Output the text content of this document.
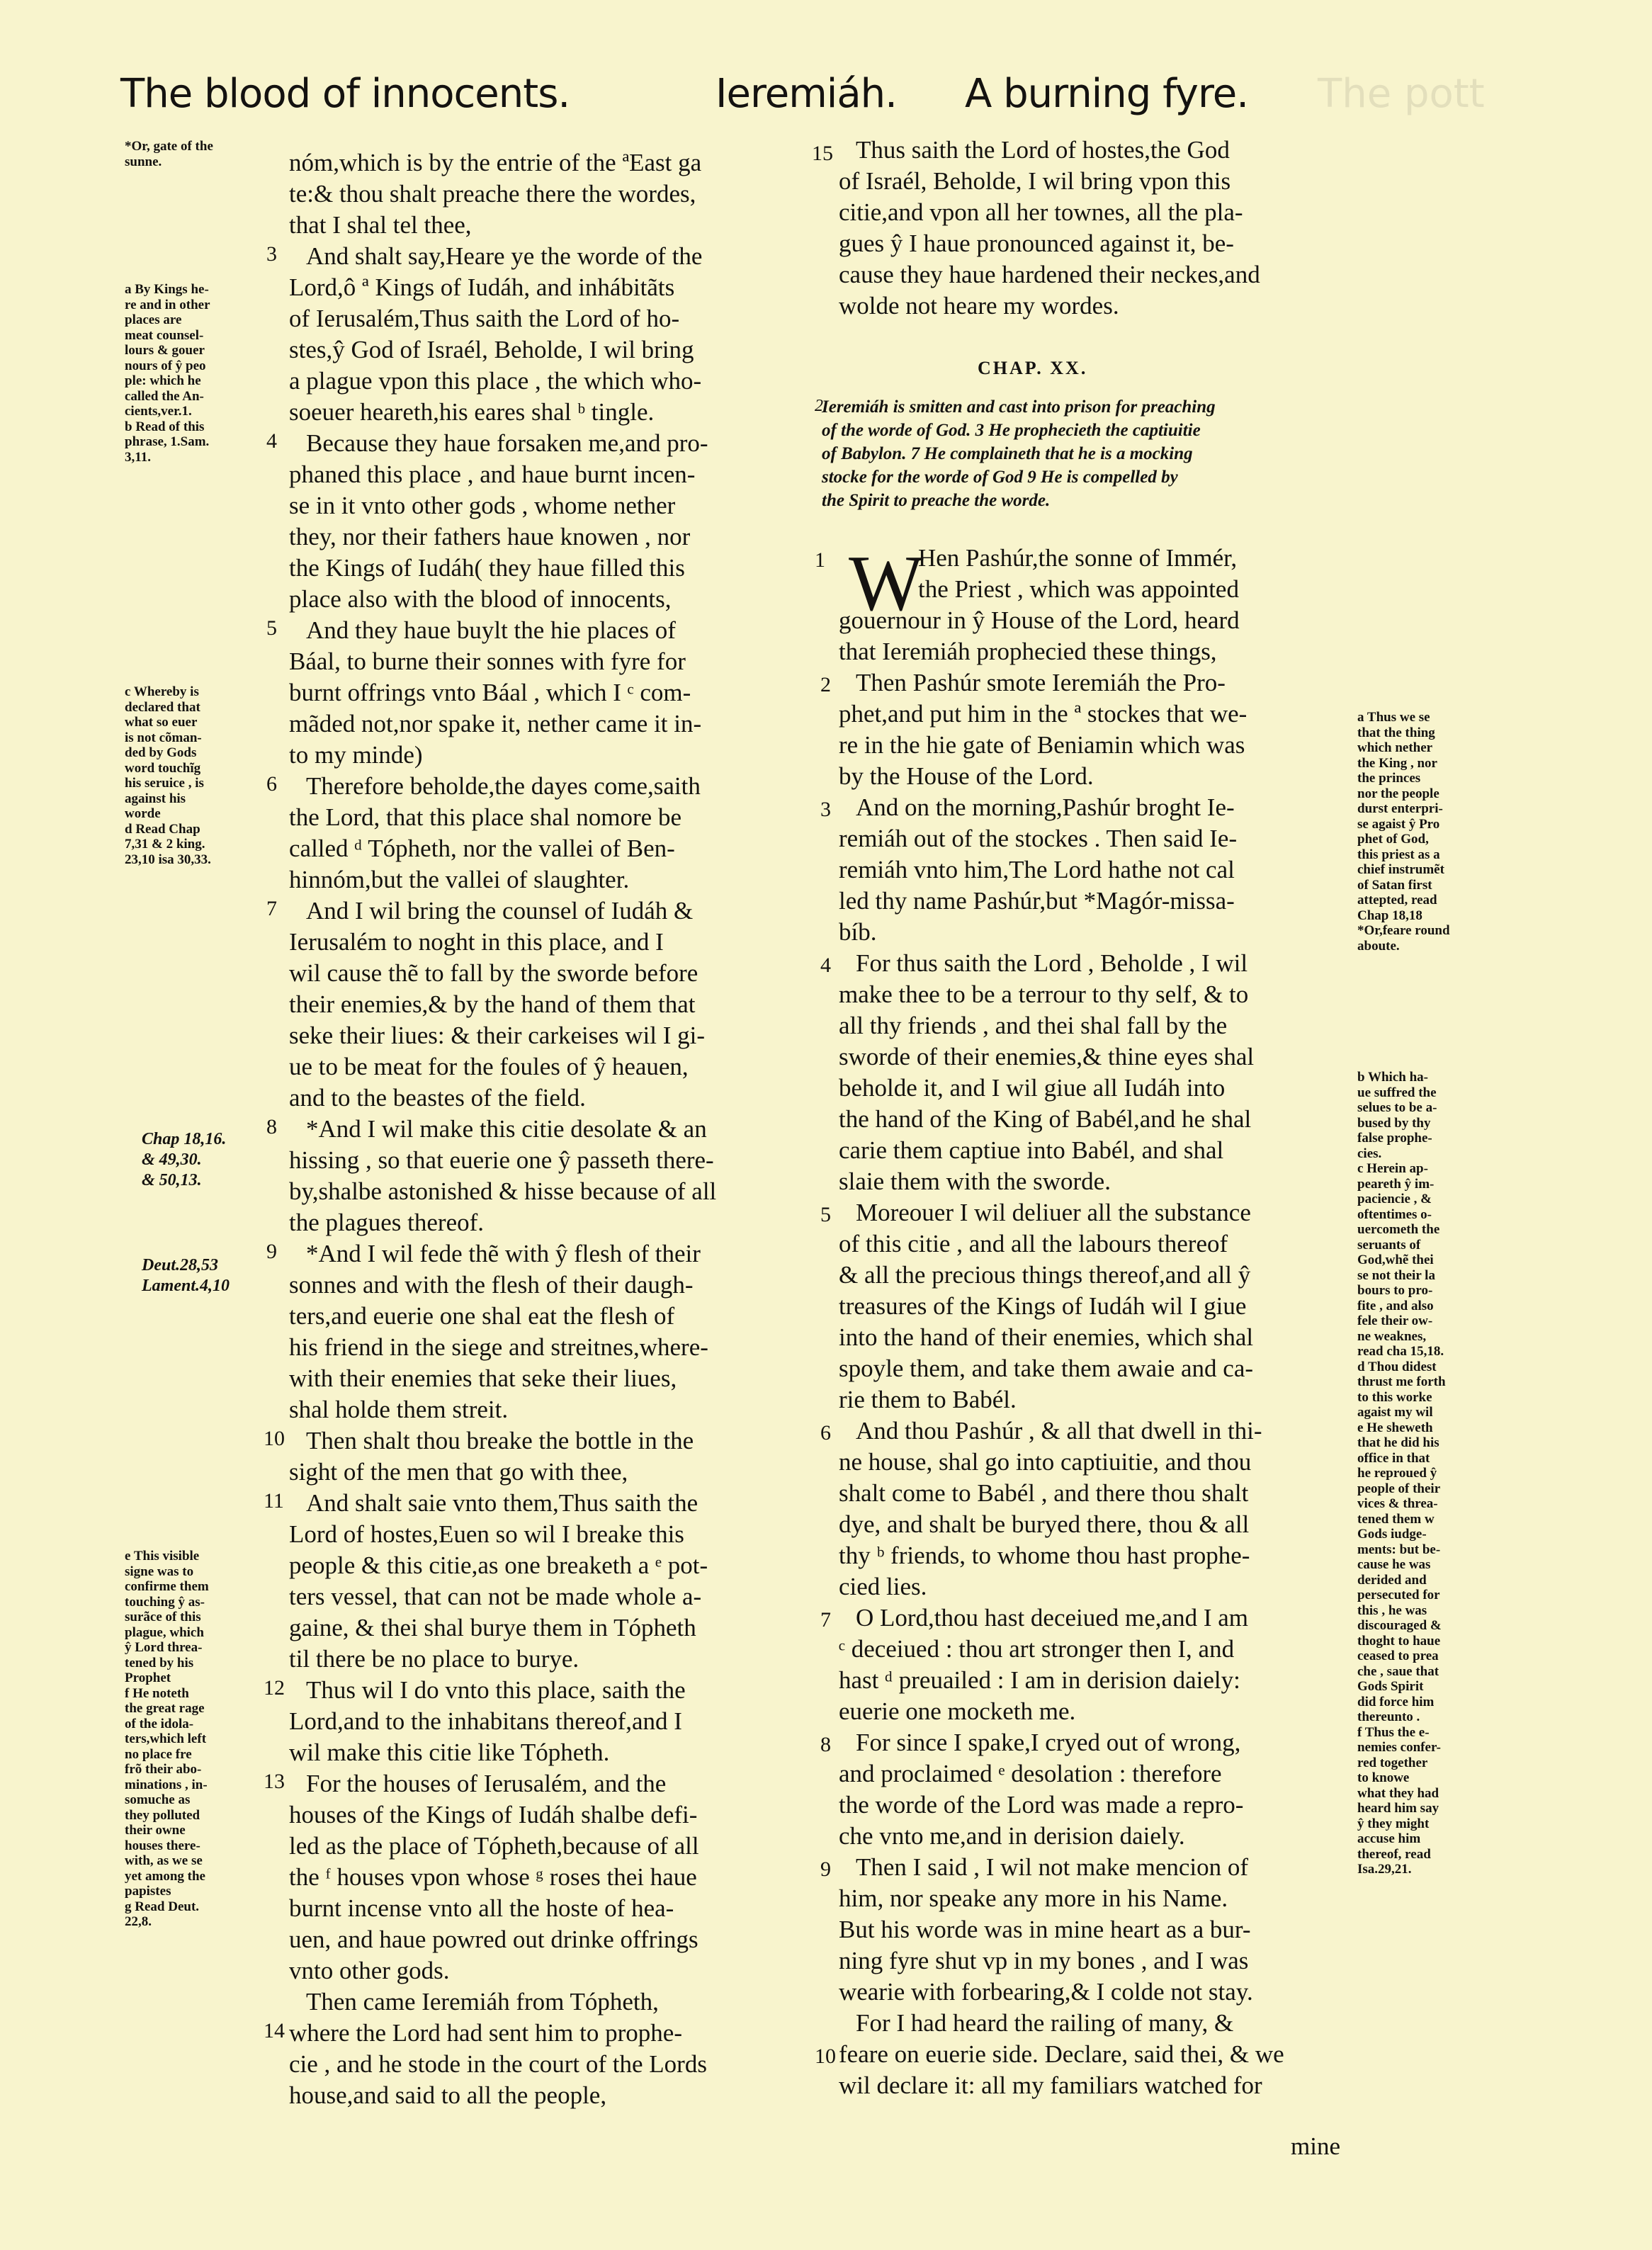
The blood of innocents.	Ieremiáh. A burning fyre. The pott
nóm,which is by the entrie of the ªEast ga
te:& thou shalt preache there the wordes,
that I shal tel thee,
And shalt say,Heare ye the worde of the
Lord,ô ª Kings of Iudáh, and inhábitãts
of Ierusalém,Thus saith the Lord of ho-
stes,ŷ God of Israél, Beholde, I wil bring
a plague vpon this place , the which who-
soeuer heareth,his eares shal ᵇ tingle.
Because they haue forsaken me,and pro-
phaned this place , and haue burnt incen-
se in it vnto other gods , whome nether
they, nor their fathers haue knowen , nor
the Kings of Iudáh( they haue filled this
place also with the blood of innocents,
And they haue buylt the hie places of
Báal, to burne their sonnes with fyre for
burnt offrings vnto Báal , which I ᶜ com-
mãded not,nor spake it, nether came it in-
to my minde)
Therefore beholde,the dayes come,saith
the Lord, that this place shal nomore be
called ᵈ Tópheth, nor the vallei of Ben-
hinnóm,but the vallei of slaughter.
And I wil bring the counsel of Iudáh &
Ierusalém to noght in this place, and I
wil cause thẽ to fall by the sworde before
their enemies,& by the hand of them that
seke their liues: & their carkeises wil I gi-
ue to be meat for the foules of ŷ heauen,
and to the beastes of the field.
*And I wil make this citie desolate & an
hissing , so that euerie one ŷ passeth there-
by,shalbe astonished & hisse because of all
the plagues thereof.
*And I wil fede thẽ with ŷ flesh of their
sonnes and with the flesh of their daugh-
ters,and euerie one shal eat the flesh of
his friend in the siege and streitnes,where-
with their enemies that seke their liues,
shal holde them streit.
Then shalt thou breake the bottle in the
sight of the men that go with thee,
And shalt saie vnto them,Thus saith the
Lord of hostes,Euen so wil I breake this
people & this citie,as one breaketh a ᵉ pot-
ters vessel, that can not be made whole a-
gaine, & thei shal burye them in Tópheth
til there be no place to burye.
Thus wil I do vnto this place, saith the
Lord,and to the inhabitans thereof,and I
wil make this citie like Tópheth.
For the houses of Ierusalém, and the
houses of the Kings of Iudáh shalbe defi-
led as the place of Tópheth,because of all
the ᶠ houses vpon whose ᵍ roses thei haue
burnt incense vnto all the hoste of hea-
uen, and haue powred out drinke offrings
vnto other gods.
Then came Ieremiáh from Tópheth,
where the Lord had sent him to prophe-
cie , and he stode in the court of the Lords
house,and said to all the people,
3
4
5
6
7
8
9
10
11
12
13
14
*Or, gate of the
sunne.
a By Kings he-
re and in other
places are
meat counsel-
lours & gouer
nours of ŷ peo
ple: which he
called the An-
cients,ver.1.
b Read of this
phrase, 1.Sam.
3,11.
c Whereby is
declared that
what so euer
is not cõman-
ded by Gods
word touchĩg
his seruice , is
against his
worde
d Read Chap
7,31 & 2 king.
23,10 isa 30,33.
Chap 18,16.
& 49,30.
& 50,13.
Deut.28,53
Lament.4,10
e This visible
signe was to
confirme them
touching ŷ as-
surãce of this
plague, which
ŷ Lord threa-
tened by his
Prophet
f He noteth
the great rage
of the idola-
ters,which left
no place fre
frõ their abo-
minations , in-
somuche as
they polluted
their owne
houses there-
with, as we se
yet among the
papistes
g Read Deut.
22,8.
Thus saith the Lord of hostes,the God
of Israél, Beholde, I wil bring vpon this
citie,and vpon all her townes, all the pla-
gues ŷ I haue pronounced against it, be-
cause they haue hardened their neckes,and
wolde not heare my wordes.
CHAP. XX.
2
Ieremiáh is smitten and cast into prison for preaching
of the worde of God. 3 He prophecieth the captiuitie
of Babylon. 7 He complaineth that he is a mocking
stocke for the worde of God 9 He is compelled by
the Spirit to preache the worde.
W
Hen Pashúr,the sonne of Immér,
the Priest , which was appointed
gouernour in ŷ House of the Lord, heard
that Ieremiáh prophecied these things,
Then Pashúr smote Ieremiáh the Pro-
phet,and put him in the ª stockes that we-
re in the hie gate of Beniamin which was
by the House of the Lord.
And on the morning,Pashúr broght Ie-
remiáh out of the stockes . Then said Ie-
remiáh vnto him,The Lord hathe not cal
led thy name Pashúr,but *Magór-missa-
bíb.
For thus saith the Lord , Beholde , I wil
make thee to be a terrour to thy self, & to
all thy friends , and thei shal fall by the
sworde of their enemies,& thine eyes shal
beholde it, and I wil giue all Iudáh into
the hand of the King of Babél,and he shal
carie them captiue into Babél, and shal
slaie them with the sworde.
Moreouer I wil deliuer all the substance
of this citie , and all the labours thereof
& all the precious things thereof,and all ŷ
treasures of the Kings of Iudáh wil I giue
into the hand of their enemies, which shal
spoyle them, and take them awaie and ca-
rie them to Babél.
And thou Pashúr , & all that dwell in thi-
ne house, shal go into captiuitie, and thou
shalt come to Babél , and there thou shalt
dye, and shalt be buryed there, thou & all
thy ᵇ friends, to whome thou hast prophe-
cied lies.
O Lord,thou hast deceiued me,and I am
ᶜ deceiued : thou art stronger then I, and
hast ᵈ preuailed : I am in derision daiely:
euerie one mocketh me.
For since I spake,I cryed out of wrong,
and proclaimed ᵉ desolation : therefore
the worde of the Lord was made a repro-
che vnto me,and in derision daiely.
Then I said , I wil not make mencion of
him, nor speake any more in his Name.
But his worde was in mine heart as a bur-
ning fyre shut vp in my bones , and I was
wearie with forbearing,& I colde not stay.
For I had heard the railing of many, &
feare on euerie side. Declare, said thei, & we
wil declare it: all my familiars watched for
15
1
2
3
4
5
6
7
8
9
10
a Thus we se
that the thing
which nether
the King , nor
the princes
nor the people
durst enterpri-
se agaist ŷ Pro
phet of God,
this priest as a
chief instrumẽt
of Satan first
attepted, read
Chap 18,18
*Or,feare round
aboute.
b Which ha-
ue suffred the
selues to be a-
bused by thy
false prophe-
cies.
c Herein ap-
peareth ŷ im-
paciencie , &
oftentimes o-
uercometh the
seruants of
God,whẽ thei
se not their la
bours to pro-
fite , and also
fele their ow-
ne weaknes,
read cha 15,18.
d Thou didest
thrust me forth
to this worke
agaist my wil
e He sheweth
that he did his
office in that
he reproued ŷ
people of their
vices & threa-
tened them w
Gods iudge-
ments: but be-
cause he was
derided and
persecuted for
this , he was
discouraged &
thoght to haue
ceased to prea
che , saue that
Gods Spirit
did force him
thereunto .
f Thus the e-
nemies confer-
red together
to knowe
what they had
heard him say
ŷ they might
accuse him
thereof, read
Isa.29,21.
mine
